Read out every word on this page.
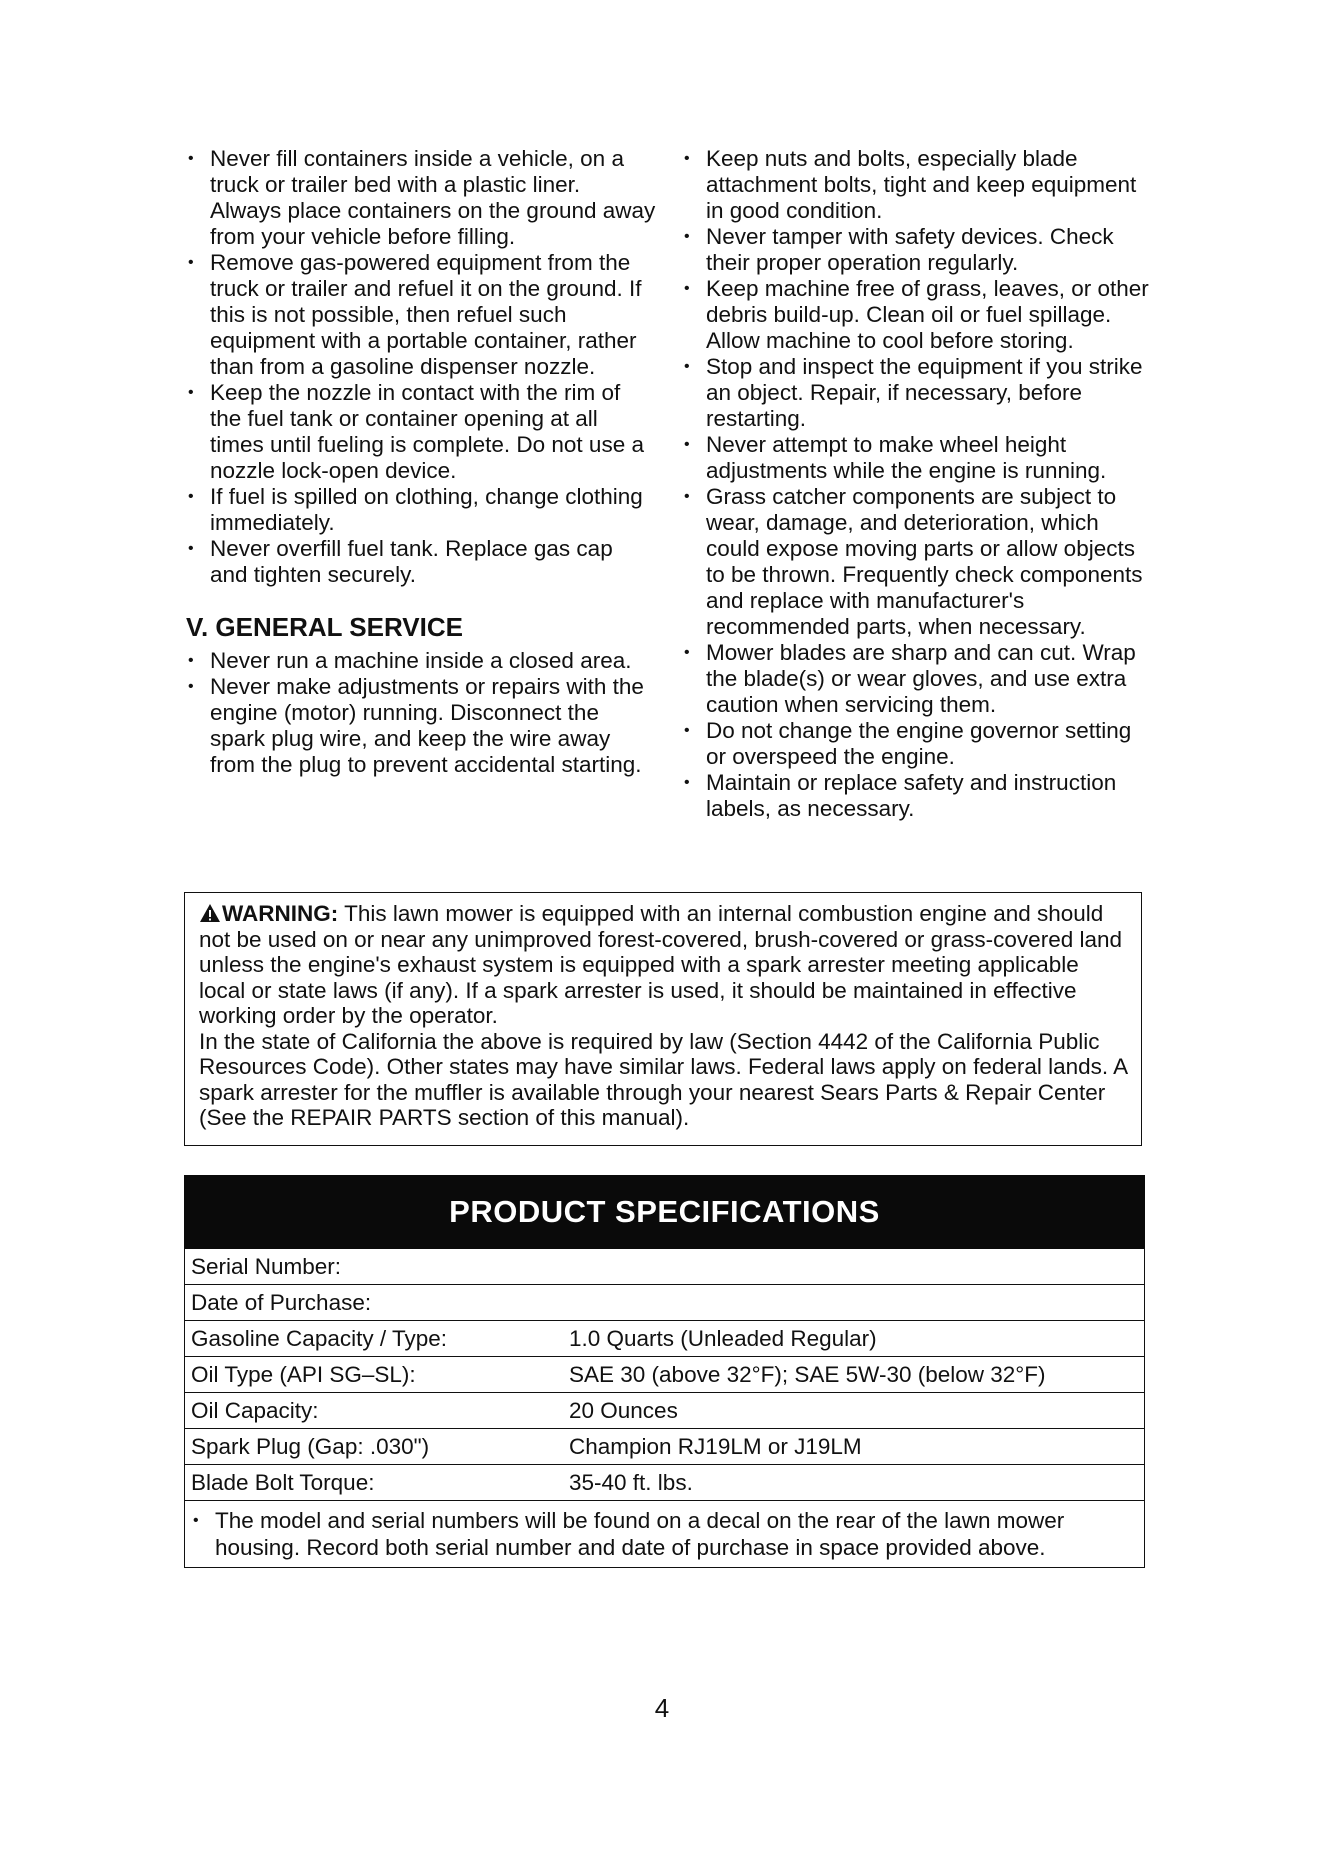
• Never fill containers inside a vehicle, on a truck or trailer bed with a plastic liner. Always place containers on the ground away from your vehicle before filling.
• Remove gas-powered equipment from the truck or trailer and refuel it on the ground. If this is not possible, then refuel such equipment with a portable container, rather than from a gasoline dispenser nozzle.
• Keep the nozzle in contact with the rim of the fuel tank or container opening at all times until fueling is complete. Do not use a nozzle lock-open device.
• If fuel is spilled on clothing, change clothing immediately.
• Never overfill fuel tank. Replace gas cap and tighten securely.
V. GENERAL SERVICE
• Never run a machine inside a closed area.
• Never make adjustments or repairs with the engine (motor) running. Disconnect the spark plug wire, and keep the wire away from the plug to prevent accidental starting.
• Keep nuts and bolts, especially blade attachment bolts, tight and keep equipment in good condition.
• Never tamper with safety devices. Check their proper operation regularly.
• Keep machine free of grass, leaves, or other debris build-up. Clean oil or fuel spillage. Allow machine to cool before storing.
• Stop and inspect the equipment if you strike an object. Repair, if necessary, before restarting.
• Never attempt to make wheel height adjustments while the engine is running.
• Grass catcher components are subject to wear, damage, and deterioration, which could expose moving parts or allow objects to be thrown. Frequently check components and replace with manufacturer's recommended parts, when necessary.
• Mower blades are sharp and can cut. Wrap the blade(s) or wear gloves, and use extra caution when servicing them.
• Do not change the engine governor setting or overspeed the engine.
• Maintain or replace safety and instruction labels, as necessary.

WARNING: This lawn mower is equipped with an internal combustion engine and should not be used on or near any unimproved forest-covered, brush-covered or grass-covered land unless the engine's exhaust system is equipped with a spark arrester meeting applicable local or state laws (if any). If a spark arrester is used, it should be maintained in effective working order by the operator.

In the state of California the above is required by law (Section 4442 of the California Public Resources Code). Other states may have similar laws. Federal laws apply on federal lands. A spark arrester for the muffler is available through your nearest Sears Parts & Repair Center (See the REPAIR PARTS section of this manual).

PRODUCT SPECIFICATIONS
Serial Number:
Date of Purchase:
Gasoline Capacity / Type:	1.0 Quarts (Unleaded Regular)
Oil Type (API SG–SL):	SAE 30 (above 32°F); SAE 5W-30 (below 32°F)
Oil Capacity:	20 Ounces
Spark Plug (Gap: .030")	Champion RJ19LM or J19LM
Blade Bolt Torque:	35-40 ft. lbs.
• The model and serial numbers will be found on a decal on the rear of the lawn mower housing. Record both serial number and date of purchase in space provided above.
4
